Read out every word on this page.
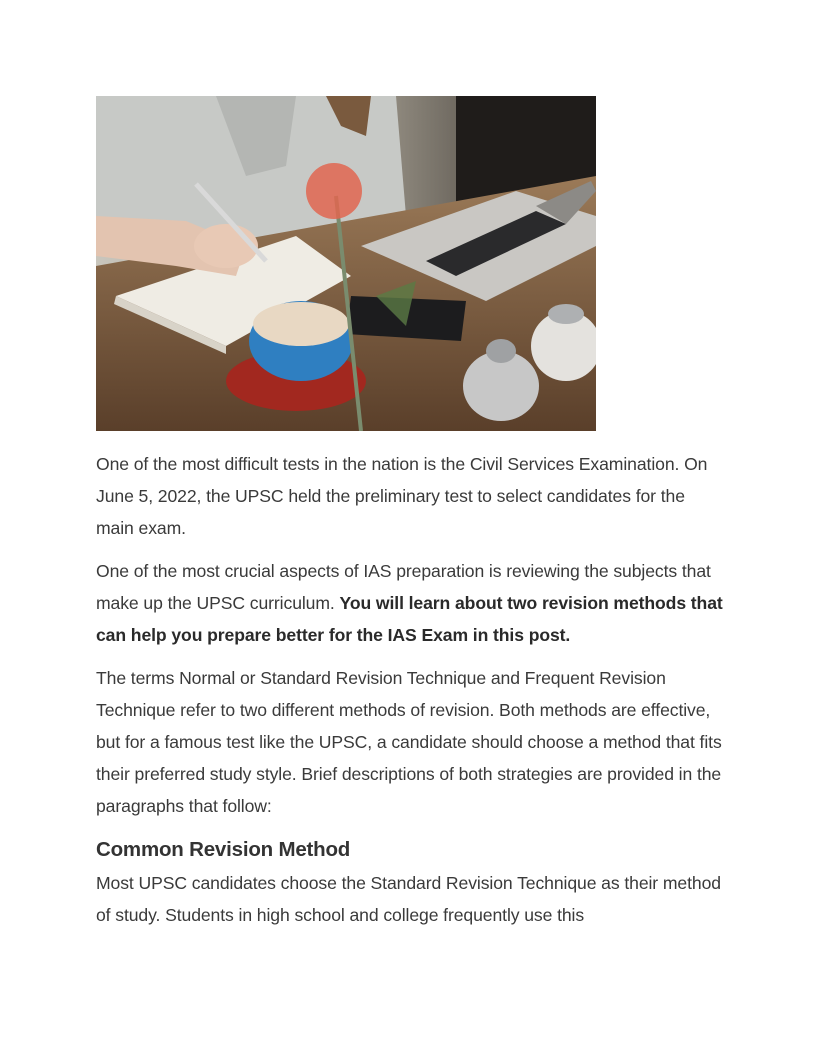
One of the most difficult tests in the nation is the Civil Services Examination. On June 5, 2022, the UPSC held the preliminary test to select candidates for the main exam.

One of the most crucial aspects of IAS preparation is reviewing the subjects that make up the UPSC curriculum. You will learn about two revision methods that can help you prepare better for the IAS Exam in this post.

The terms Normal or Standard Revision Technique and Frequent Revision Technique refer to two different methods of revision. Both methods are effective, but for a famous test like the UPSC, a candidate should choose a method that fits their preferred study style. Brief descriptions of both strategies are provided in the paragraphs that follow:

Common Revision Method

Most UPSC candidates choose the Standard Revision Technique as their method of study. Students in high school and college frequently use this
